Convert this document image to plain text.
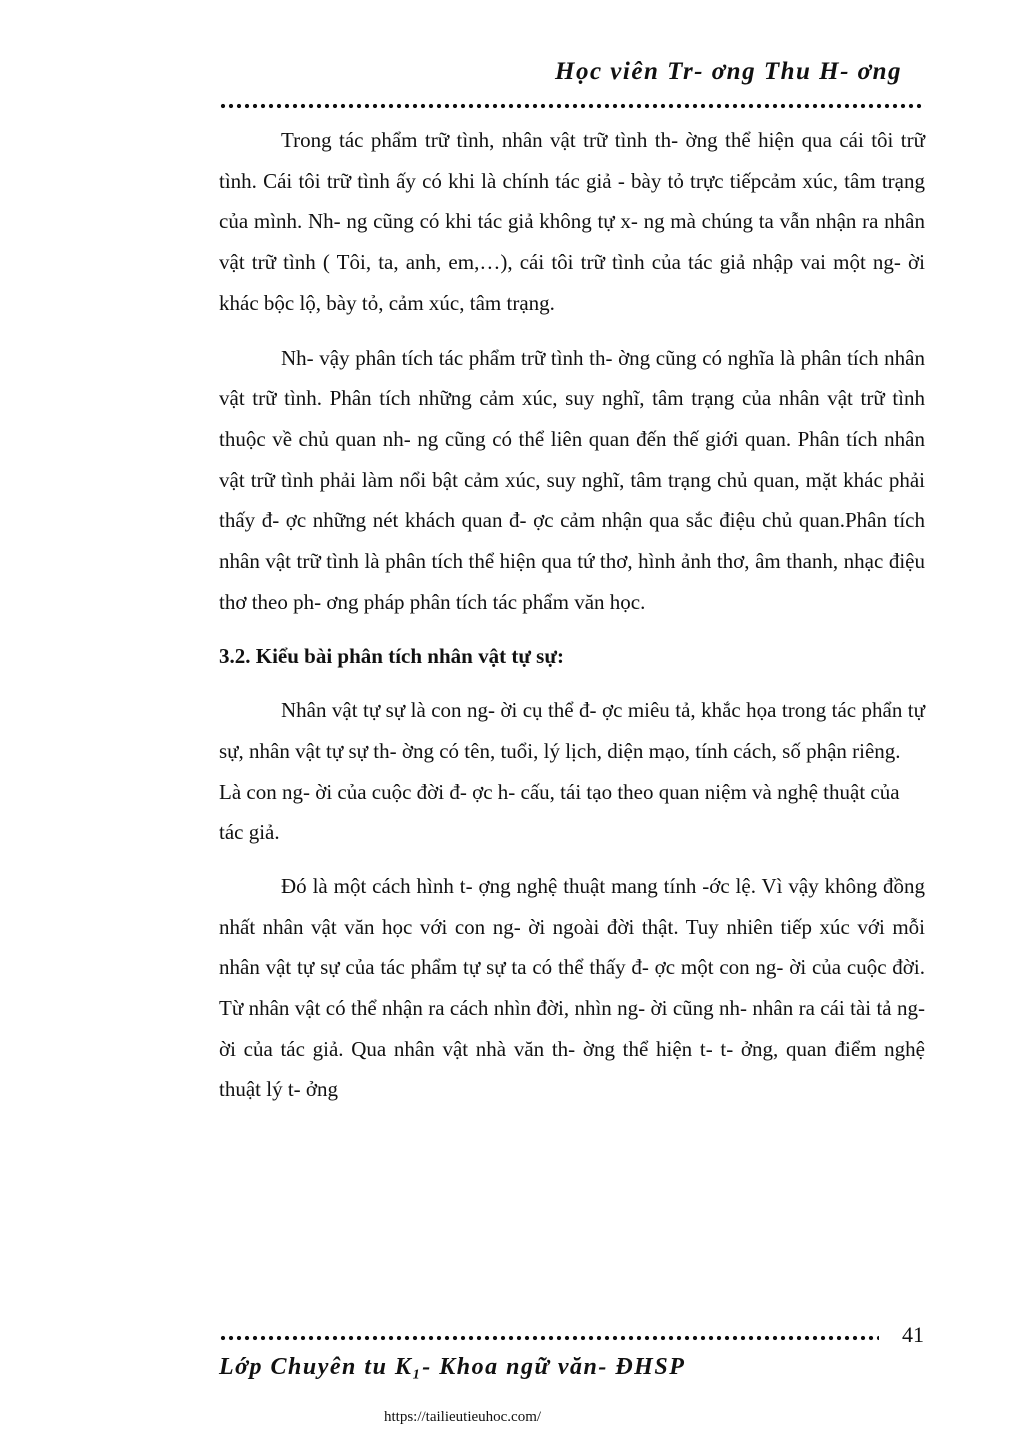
Học viên Tr- ơng Thu H- ơng

Trong tác phẩm trữ tình, nhân vật trữ tình th- ờng thể hiện qua cái tôi trữ tình. Cái tôi trữ tình ấy có khi là chính tác giả - bày tỏ trực tiếpcảm xúc, tâm trạng của mình. Nh- ng cũng có khi tác giả không tự x- ng mà chúng ta vẫn nhận ra nhân vật trữ tình ( Tôi, ta, anh, em,…), cái tôi trữ tình của tác giả nhập vai một ng- ời khác bộc lộ, bày tỏ, cảm xúc, tâm trạng.

Nh- vậy phân tích tác phẩm trữ tình th- ờng cũng có nghĩa là phân tích nhân vật trữ tình. Phân tích những cảm xúc, suy nghĩ, tâm trạng của nhân vật trữ tình thuộc về chủ quan nh- ng cũng có thể liên quan đến thế giới quan. Phân tích nhân vật trữ tình phải làm nổi bật cảm xúc, suy nghĩ, tâm trạng chủ quan, mặt khác phải thấy đ- ợc những nét khách quan đ- ợc cảm nhận qua sắc điệu chủ quan.Phân tích nhân vật trữ tình là phân tích thể hiện qua tứ thơ, hình ảnh thơ, âm thanh, nhạc điệu thơ theo ph- ơng pháp phân tích tác phẩm văn học.

3.2. Kiểu bài phân tích nhân vật tự sự:

Nhân vật tự sự là con ng- ời cụ thể đ- ợc miêu tả, khắc họa trong tác phẩn tự sự, nhân vật tự sự th- ờng có tên, tuổi, lý lịch, diện mạo, tính cách, số phận riêng.

Là con ng- ời của cuộc đời đ- ợc h- cấu, tái tạo theo quan niệm và nghệ thuật của

tác giả.

Đó là một cách hình t- ợng nghệ thuật mang tính -ớc lệ. Vì vậy không đồng nhất nhân vật văn học với con ng- ời ngoài đời thật. Tuy nhiên tiếp xúc với mỗi nhân vật tự sự của tác phẩm tự sự ta có thể thấy đ- ợc một con ng- ời của cuộc đời. Từ nhân vật có thể nhận ra cách nhìn đời, nhìn ng- ời cũng nh- nhân ra cái tài tả ng- ời của tác giả. Qua nhân vật nhà văn th- ờng thể hiện t- t- ởng, quan điểm nghệ thuật lý t- ởng

41
Lớp Chuyên tu K₁- Khoa ngữ văn- ĐHSP
https://tailieutieuhoc.com/
